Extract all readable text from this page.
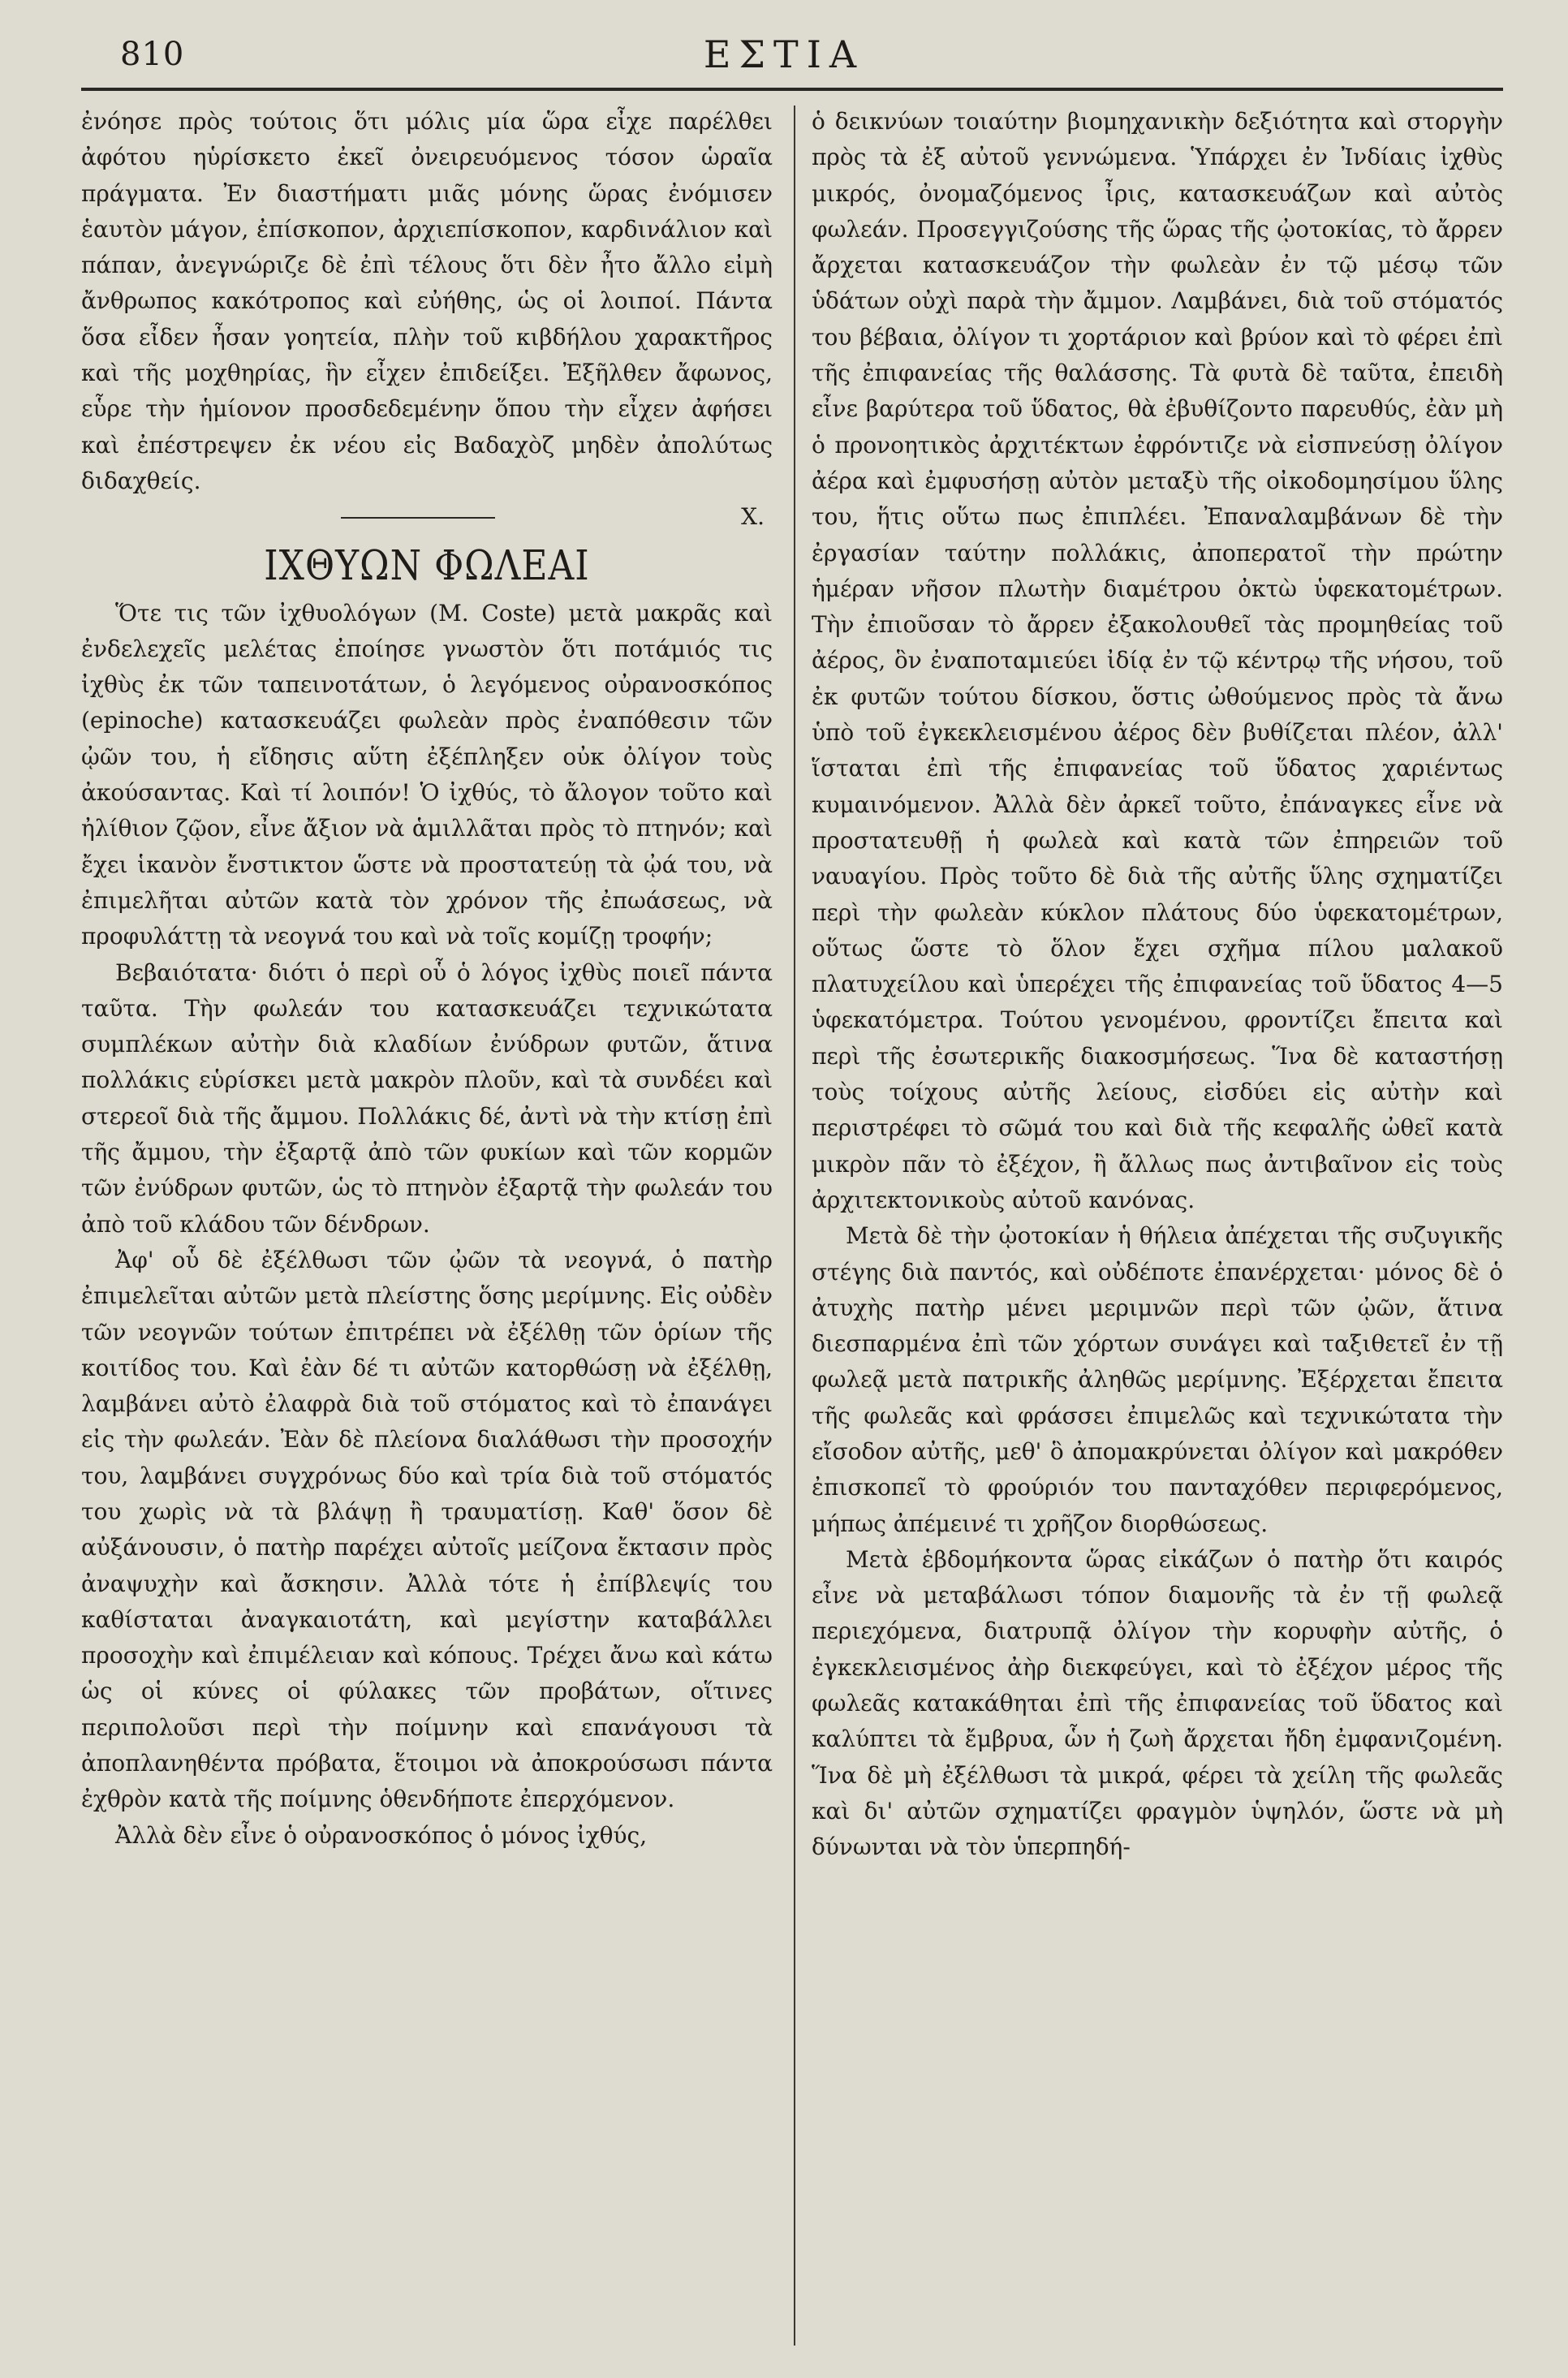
810	ΕΣΤΙΑ

ἐνόησε πρὸς τούτοις ὅτι μόλις μία ὥρα εἶχε παρέλθει ἀφότου ηὑρίσκετο ἐκεῖ ὀνειρευόμενος τόσον ὡραῖα πράγματα. Ἐν διαστήματι μιᾶς μόνης ὥρας ἐνόμισεν ἑαυτὸν μάγον, ἐπίσκοπον, ἀρχιεπίσκοπον, καρδινάλιον καὶ πάπαν, ἀνεγνώριζε δὲ ἐπὶ τέλους ὅτι δὲν ἦτο ἄλλο εἰμὴ ἄνθρωπος κακότροπος καὶ εὐήθης, ὡς οἱ λοιποί. Πάντα ὅσα εἶδεν ἦσαν γοητεία, πλὴν τοῦ κιβδήλου χαρακτῆρος καὶ τῆς μοχθηρίας, ἣν εἶχεν ἐπιδείξει. Ἐξῆλθεν ἄφωνος, εὗρε τὴν ἡμίονον προσδεδεμένην ὅπου τὴν εἶχεν ἀφήσει καὶ ἐπέστρεψεν ἐκ νέου εἰς Βαδαχὸζ μηδὲν ἀπολύτως διδαχθείς.

Χ.
ΙΧΘΥΩΝ ΦΩΛΕΑΙ

Ὅτε τις τῶν ἰχθυολόγων (Μ. Coste) μετὰ μακρᾶς καὶ ἐνδελεχεῖς μελέτας ἐποίησε γνωστὸν ὅτι ποτάμιός τις ἰχθὺς ἐκ τῶν ταπεινοτάτων, ὁ λεγόμενος οὐρανοσκόπος (epinoche) κατασκευάζει φωλεὰν πρὸς ἐναπόθεσιν τῶν ᾠῶν του, ἡ εἴδησις αὕτη ἐξέπληξεν οὐκ ὀλίγον τοὺς ἀκούσαντας. Καὶ τί λοιπόν! Ὁ ἰχθύς, τὸ ἄλογον τοῦτο καὶ ἠλίθιον ζῷον, εἶνε ἄξιον νὰ ἁμιλλᾶται πρὸς τὸ πτηνόν; καὶ ἔχει ἱκανὸν ἔνστικτον ὥστε νὰ προστατεύῃ τὰ ᾠά του, νὰ ἐπιμελῆται αὐτῶν κατὰ τὸν χρόνον τῆς ἐπωάσεως, νὰ προφυλάττῃ τὰ νεογνά του καὶ νὰ τοῖς κομίζῃ τροφήν;

Βεβαιότατα· διότι ὁ περὶ οὗ ὁ λόγος ἰχθὺς ποιεῖ πάντα ταῦτα. Τὴν φωλεάν του κατασκευάζει τεχνικώτατα συμπλέκων αὐτὴν διὰ κλαδίων ἐνύδρων φυτῶν, ἅτινα πολλάκις εὑρίσκει μετὰ μακρὸν πλοῦν, καὶ τὰ συνδέει καὶ στερεοῖ διὰ τῆς ἄμμου. Πολλάκις δέ, ἀντὶ νὰ τὴν κτίσῃ ἐπὶ τῆς ἄμμου, τὴν ἐξαρτᾷ ἀπὸ τῶν φυκίων καὶ τῶν κορμῶν τῶν ἐνύδρων φυτῶν, ὡς τὸ πτηνὸν ἐξαρτᾷ τὴν φωλεάν του ἀπὸ τοῦ κλάδου τῶν δένδρων.

Ἀφ' οὗ δὲ ἐξέλθωσι τῶν ᾠῶν τὰ νεογνά, ὁ πατὴρ ἐπιμελεῖται αὐτῶν μετὰ πλείστης ὅσης μερίμνης. Εἰς οὐδὲν τῶν νεογνῶν τούτων ἐπιτρέπει νὰ ἐξέλθῃ τῶν ὁρίων τῆς κοιτίδος του. Καὶ ἐὰν δέ τι αὐτῶν κατορθώσῃ νὰ ἐξέλθῃ, λαμβάνει αὐτὸ ἐλαφρὰ διὰ τοῦ στόματος καὶ τὸ ἐπανάγει εἰς τὴν φωλεάν. Ἐὰν δὲ πλείονα διαλάθωσι τὴν προσοχήν του, λαμβάνει συγχρόνως δύο καὶ τρία διὰ τοῦ στόματός του χωρὶς νὰ τὰ βλάψῃ ἢ τραυματίσῃ. Καθ' ὅσον δὲ αὐξάνουσιν, ὁ πατὴρ παρέχει αὐτοῖς μείζονα ἔκτασιν πρὸς ἀναψυχὴν καὶ ἄσκησιν. Ἀλλὰ τότε ἡ ἐπίβλεψίς του καθίσταται ἀναγκαιοτάτη, καὶ μεγίστην καταβάλλει προσοχὴν καὶ ἐπιμέλειαν καὶ κόπους. Τρέχει ἄνω καὶ κάτω ὡς οἱ κύνες οἱ φύλακες τῶν προβάτων, οἵτινες περιπολοῦσι περὶ τὴν ποίμνην καὶ επανάγουσι τὰ ἀποπλανηθέντα πρόβατα, ἕτοιμοι νὰ ἀποκρούσωσι πάντα ἐχθρὸν κατὰ τῆς ποίμνης ὁθενδήποτε ἐπερχόμενον.

Ἀλλὰ δὲν εἶνε ὁ οὐρανοσκόπος ὁ μόνος ἰχθύς,

ὁ δεικνύων τοιαύτην βιομηχανικὴν δεξιότητα καὶ στοργὴν πρὸς τὰ ἐξ αὐτοῦ γεννώμενα. Ὑπάρχει ἐν Ἰνδίαις ἰχθὺς μικρός, ὀνομαζόμενος ἶρις, κατασκευάζων καὶ αὐτὸς φωλεάν. Προσεγγιζούσης τῆς ὥρας τῆς ᾠοτοκίας, τὸ ἄρρεν ἄρχεται κατασκευάζον τὴν φωλεὰν ἐν τῷ μέσῳ τῶν ὑδάτων οὐχὶ παρὰ τὴν ἄμμον. Λαμβάνει, διὰ τοῦ στόματός του βέβαια, ὀλίγον τι χορτάριον καὶ βρύον καὶ τὸ φέρει ἐπὶ τῆς ἐπιφανείας τῆς θαλάσσης. Τὰ φυτὰ δὲ ταῦτα, ἐπειδὴ εἶνε βαρύτερα τοῦ ὕδατος, θὰ ἐβυθίζοντο παρευθύς, ἐὰν μὴ ὁ προνοητικὸς ἀρχιτέκτων ἐφρόντιζε νὰ εἰσπνεύσῃ ὀλίγον ἀέρα καὶ ἐμφυσήσῃ αὐτὸν μεταξὺ τῆς οἰκοδομησίμου ὕλης του, ἥτις οὕτω πως ἐπιπλέει. Ἐπαναλαμβάνων δὲ τὴν ἐργασίαν ταύτην πολλάκις, ἀποπερατοῖ τὴν πρώτην ἡμέραν νῆσον πλωτὴν διαμέτρου ὀκτὼ ὑφεκατομέτρων. Τὴν ἐπιοῦσαν τὸ ἄρρεν ἐξακολουθεῖ τὰς προμηθείας τοῦ ἀέρος, ὃν ἐναποταμιεύει ἰδίᾳ ἐν τῷ κέντρῳ τῆς νήσου, τοῦ ἐκ φυτῶν τούτου δίσκου, ὅστις ὠθούμενος πρὸς τὰ ἄνω ὑπὸ τοῦ ἐγκεκλεισμένου ἀέρος δὲν βυθίζεται πλέον, ἀλλ' ἵσταται ἐπὶ τῆς ἐπιφανείας τοῦ ὕδατος χαριέντως κυμαινόμενον. Ἀλλὰ δὲν ἀρκεῖ τοῦτο, ἐπάναγκες εἶνε νὰ προστατευθῇ ἡ φωλεὰ καὶ κατὰ τῶν ἐπηρειῶν τοῦ ναυαγίου. Πρὸς τοῦτο δὲ διὰ τῆς αὐτῆς ὕλης σχηματίζει περὶ τὴν φωλεὰν κύκλον πλάτους δύο ὑφεκατομέτρων, οὕτως ὥστε τὸ ὅλον ἔχει σχῆμα πίλου μαλακοῦ πλατυχείλου καὶ ὑπερέχει τῆς ἐπιφανείας τοῦ ὕδατος 4—5 ὑφεκατόμετρα. Τούτου γενομένου, φροντίζει ἔπειτα καὶ περὶ τῆς ἐσωτερικῆς διακοσμήσεως. Ἵνα δὲ καταστήσῃ τοὺς τοίχους αὐτῆς λείους, εἰσδύει εἰς αὐτὴν καὶ περιστρέφει τὸ σῶμά του καὶ διὰ τῆς κεφαλῆς ὠθεῖ κατὰ μικρὸν πᾶν τὸ ἐξέχον, ἢ ἄλλως πως ἀντιβαῖνον εἰς τοὺς ἀρχιτεκτονικοὺς αὐτοῦ κανόνας.

Μετὰ δὲ τὴν ᾠοτοκίαν ἡ θήλεια ἀπέχεται τῆς συζυγικῆς στέγης διὰ παντός, καὶ οὐδέποτε ἐπανέρχεται· μόνος δὲ ὁ ἀτυχὴς πατὴρ μένει μεριμνῶν περὶ τῶν ᾠῶν, ἅτινα διεσπαρμένα ἐπὶ τῶν χόρτων συνάγει καὶ ταξιθετεῖ ἐν τῇ φωλεᾷ μετὰ πατρικῆς ἀληθῶς μερίμνης. Ἐξέρχεται ἔπειτα τῆς φωλεᾶς καὶ φράσσει ἐπιμελῶς καὶ τεχνικώτατα τὴν εἴσοδον αὐτῆς, μεθ' ὃ ἀπομακρύνεται ὀλίγον καὶ μακρόθεν ἐπισκοπεῖ τὸ φρούριόν του πανταχόθεν περιφερόμενος, μήπως ἀπέμεινέ τι χρῆζον διορθώσεως.

Μετὰ ἑβδομήκοντα ὥρας εἰκάζων ὁ πατὴρ ὅτι καιρός εἶνε νὰ μεταβάλωσι τόπον διαμονῆς τὰ ἐν τῇ φωλεᾷ περιεχόμενα, διατρυπᾷ ὀλίγον τὴν κορυφὴν αὐτῆς, ὁ ἐγκεκλεισμένος ἀὴρ διεκφεύγει, καὶ τὸ ἐξέχον μέρος τῆς φωλεᾶς κατακάθηται ἐπὶ τῆς ἐπιφανείας τοῦ ὕδατος καὶ καλύπτει τὰ ἔμβρυα, ὧν ἡ ζωὴ ἄρχεται ἤδη ἐμφανιζομένη. Ἵνα δὲ μὴ ἐξέλθωσι τὰ μικρά, φέρει τὰ χείλη τῆς φωλεᾶς καὶ δι' αὐτῶν σχηματίζει φραγμὸν ὑψηλόν, ὥστε νὰ μὴ δύνωνται νὰ τὸν ὑπερπηδή-
